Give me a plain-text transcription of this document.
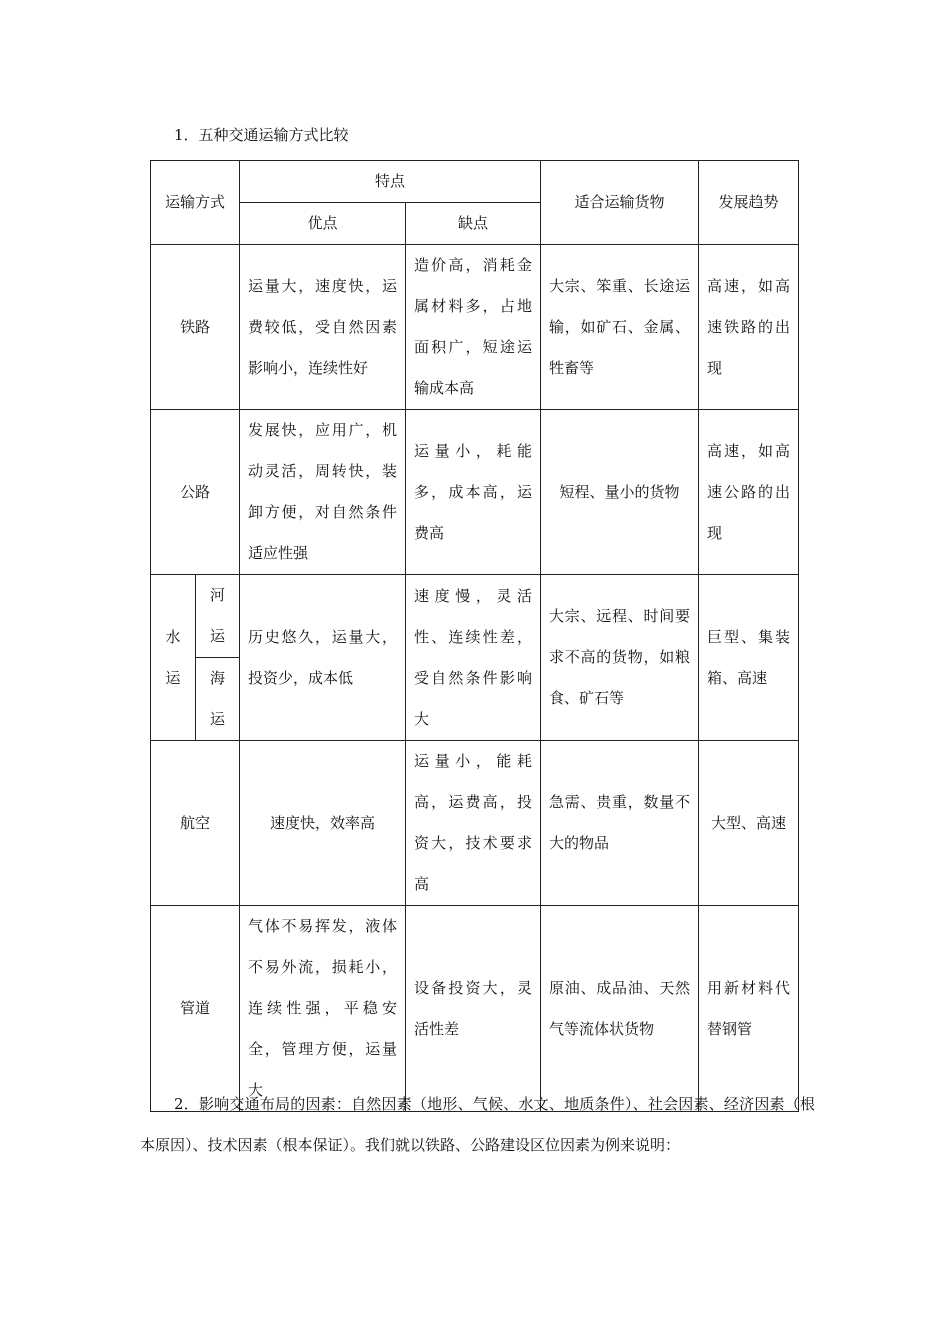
1．五种交通运输方式比较
运输方式		特点		适合运输货物	发展趋势
		优点	缺点		
铁路		运量大，速度快，运费较低，受自然因素影响小，连续性好	造价高，消耗金属材料多，占地面积广，短途运输成本高	大宗、笨重、长途运输，如矿石、金属、牲畜等	高速，如高速铁路的出现
公路		发展快，应用广，机动灵活，周转快，装卸方便，对自然条件适应性强	运量小，耗能多，成本高，运费高	短程、量小的货物	高速，如高速公路的出现
水运	河运	历史悠久，运量大，投资少，成本低	速度慢，灵活性、连续性差，受自然条件影响大	大宗、远程、时间要求不高的货物，如粮食、矿石等	巨型、集装箱、高速
	海运				
航空		速度快，效率高	运量小，能耗高，运费高，投资大，技术要求高	急需、贵重，数量不大的物品	大型、高速
管道		气体不易挥发，液体不易外流，损耗小，连续性强，平稳安全，管理方便，运量大	设备投资大，灵活性差	原油、成品油、天然气等流体状货物	用新材料代替钢管
2．影响交通布局的因素：自然因素（地形、气候、水文、地质条件）、社会因素、经济因素（根本原因）、技术因素（根本保证）。我们就以铁路、公路建设区位因素为例来说明：
